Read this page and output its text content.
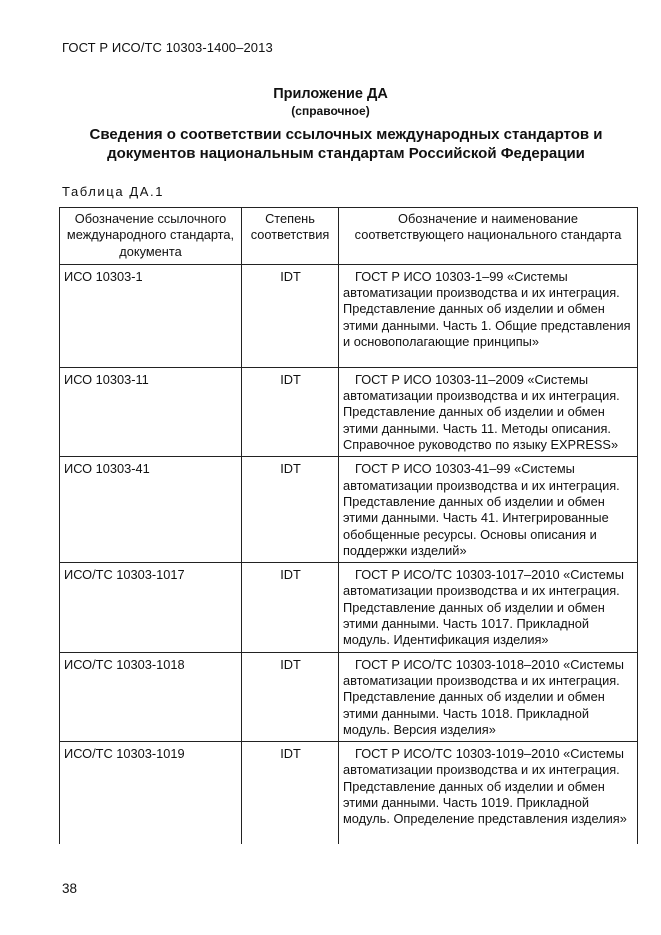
ГОСТ Р ИСО/ТС 10303-1400–2013
Приложение ДА
(справочное)
Сведения о соответствии ссылочных международных стандартов и документов национальным стандартам Российской Федерации
Таблица ДА.1
Обозначение ссылочного международного стандарта, документа	Степень соответствия	Обозначение и наименование соответствующего национального стандарта
ИСО 10303-1	IDT	ГОСТ Р ИСО 10303-1–99 «Системы автоматизации производства и их интеграция. Представление данных об изделии и обмен этими данными. Часть 1. Общие представления и основополагающие принципы»
ИСО 10303-11	IDT	ГОСТ Р ИСО 10303-11–2009 «Системы автоматизации производства и их интеграция. Представление данных об изделии и обмен этими данными. Часть 11. Методы описания. Справочное руководство по языку EXPRESS»
ИСО 10303-41	IDT	ГОСТ Р ИСО 10303-41–99 «Системы автоматизации производства и их интеграция. Представление данных об изделии и обмен этими данными. Часть 41. Интегрированные обобщенные ресурсы. Основы описания и поддержки изделий»
ИСО/ТС 10303-1017	IDT	ГОСТ Р ИСО/ТС 10303-1017–2010 «Системы автоматизации производства и их интеграция. Представление данных об изделии и обмен этими данными. Часть 1017. Прикладной модуль. Идентификация изделия»
ИСО/ТС 10303-1018	IDT	ГОСТ Р ИСО/ТС 10303-1018–2010 «Системы автоматизации производства и их интеграция. Представление данных об изделии и обмен этими данными. Часть 1018. Прикладной модуль. Версия изделия»
ИСО/ТС 10303-1019	IDT	ГОСТ Р ИСО/ТС 10303-1019–2010 «Системы автоматизации производства и их интеграция. Представление данных об изделии и обмен этими данными. Часть 1019. Прикладной модуль. Определение представления изделия»
38
